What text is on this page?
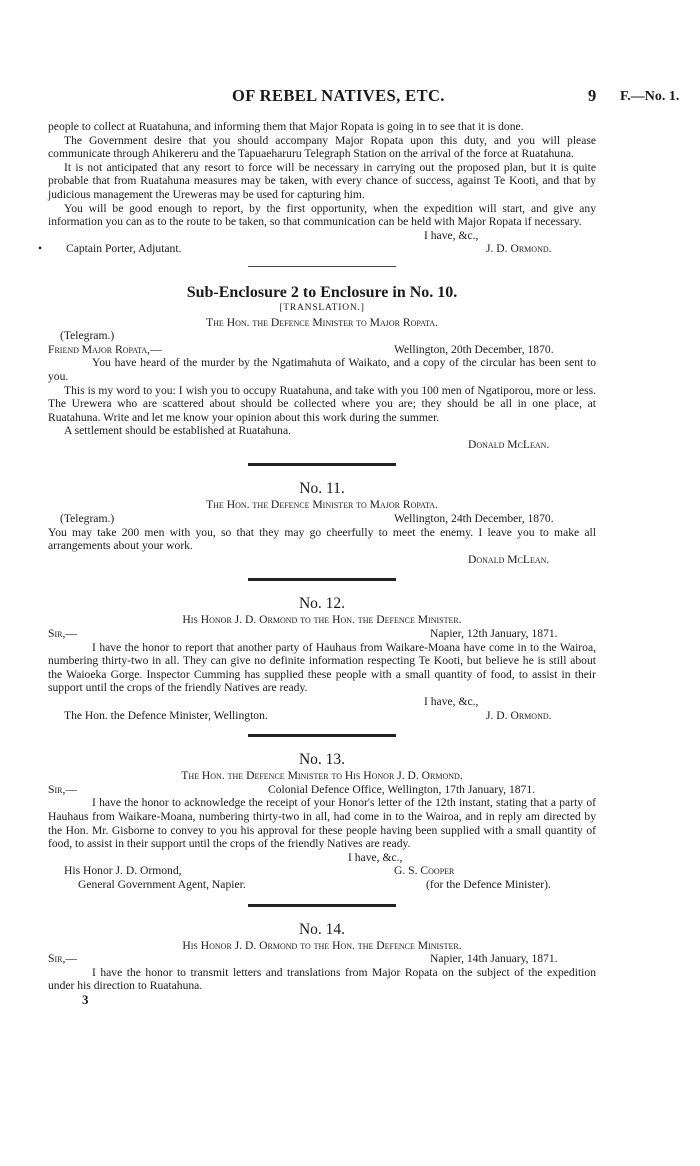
OF REBEL NATIVES, ETC.	9 F.—No. 1.

people to collect at Ruatahuna, and informing them that Major Ropata is going in to see that it is done.

The Government desire that you should accompany Major Ropata upon this duty, and you will please communicate through Ahikereru and the Tapuaeharuru Telegraph Station on the arrival of the force at Ruatahuna.

It is not anticipated that any resort to force will be necessary in carrying out the proposed plan, but it is quite probable that from Ruatahuna measures may be taken, with every chance of success, against Te Kooti, and that by judicious management the Ureweras may be used for capturing him.

You will be good enough to report, by the first opportunity, when the expedition will start, and give any information you can as to the route to be taken, so that communication can be held with Major Ropata if necessary.

I have, &c.,
• Captain Porter, Adjutant.	J. D. Ormond.
Sub-Enclosure 2 to Enclosure in No. 10.
[TRANSLATION.]
The Hon. the Defence Minister to Major Ropata.
(Telegram.)
Friend Major Ropata,—	Wellington, 20th December, 1870.

You have heard of the murder by the Ngatimahuta of Waikato, and a copy of the circular has been sent to you.

This is my word to you: I wish you to occupy Ruatahuna, and take with you 100 men of Ngatiporou, more or less. The Urewera who are scattered about should be collected where you are; they should be all in one place, at Ruatahuna. Write and let me know your opinion about this work during the summer.

A settlement should be established at Ruatahuna.

Donald McLean.
No. 11.
The Hon. the Defence Minister to Major Ropata.
(Telegram.)	Wellington, 24th December, 1870.

You may take 200 men with you, so that they may go cheerfully to meet the enemy. I leave you to make all arrangements about your work.

Donald McLean.
No. 12.
His Honor J. D. Ormond to the Hon. the Defence Minister.
Sir,—	Napier, 12th January, 1871.

I have the honor to report that another party of Hauhaus from Waikare-Moana have come in to the Wairoa, numbering thirty-two in all. They can give no definite information respecting Te Kooti, but believe he is still about the Waioeka Gorge. Inspector Cumming has supplied these people with a small quantity of food, to assist in their support until the crops of the friendly Natives are ready.

I have, &c.,
The Hon. the Defence Minister, Wellington.	J. D. Ormond.
No. 13.
The Hon. the Defence Minister to His Honor J. D. Ormond.
Sir,—	Colonial Defence Office, Wellington, 17th January, 1871.

I have the honor to acknowledge the receipt of your Honor's letter of the 12th instant, stating that a party of Hauhaus from Waikare-Moana, numbering thirty-two in all, had come in to the Wairoa, and in reply am directed by the Hon. Mr. Gisborne to convey to you his approval for these people having been supplied with a small quantity of food, to assist in their support until the crops of the friendly Natives are ready.

I have, &c.,
His Honor J. D. Ormond,	G. S. Cooper
General Government Agent, Napier.	(for the Defence Minister).
No. 14.
His Honor J. D. Ormond to the Hon. the Defence Minister.
Sir,—	Napier, 14th January, 1871.

I have the honor to transmit letters and translations from Major Ropata on the subject of the expedition under his direction to Ruatahuna.

3
